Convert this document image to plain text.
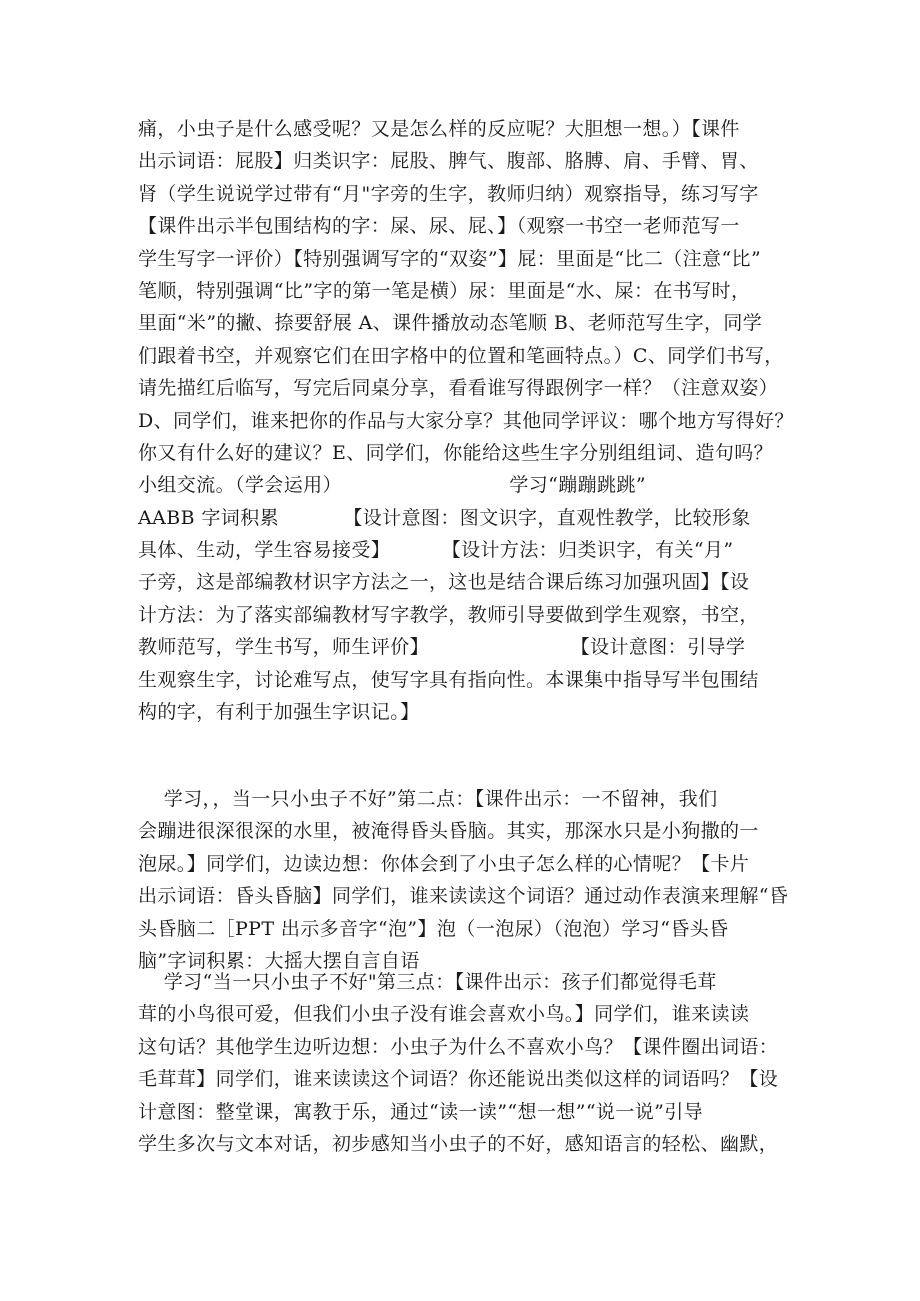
痛，小虫子是什么感受呢？又是怎么样的反应呢？大胆想一想。）【课件
出示词语：屁股】归类识字：屁股、脾气、腹部、胳膊、肩、手臂、胃、
肾（学生说说学过带有“月"字旁的生字，教师归纳）观察指导，练习写字
【课件出示半包围结构的字：屎、尿、屁、】（观察一书空一老师范写一
学生写字一评价）【特别强调写字的“双姿”】屁：里面是“比二（注意“比”
笔顺，特别强调“比”字的第一笔是横）尿：里面是“水、屎：在书写时，
里面“米”的撇、捺要舒展 A、课件播放动态笔顺 B、老师范写生字，同学
们跟着书空，并观察它们在田字格中的位置和笔画特点。）C、同学们书写，
请先描红后临写，写完后同桌分享，看看谁写得跟例字一样？（注意双姿）
D、同学们，谁来把你的作品与大家分享？其他同学评议：哪个地方写得好？
你又有什么好的建议？E、同学们，你能给这些生字分别组组词、造句吗？
小组交流。（学会运用）                          学习“蹦蹦跳跳”
AABB 字词积累          【设计意图：图文识字，直观性教学，比较形象
具体、生动，学生容易接受】        【设计方法：归类识字，有关“月”
子旁，这是部编教材识字方法之一，这也是结合课后练习加强巩固】【设
计方法：为了落实部编教材写字教学，教师引导要做到学生观察，书空，
教师范写，学生书写，师生评价】                      【设计意图：引导学
生观察生字，讨论难写点，使写字具有指向性。本课集中指导写半包围结
构的字，有利于加强生字识记。】
学习，，当一只小虫子不好”第二点：【课件出示：一不留神，我们
会蹦进很深很深的水里，被淹得昏头昏脑。其实，那深水只是小狗撒的一
泡尿。】同学们，边读边想：你体会到了小虫子怎么样的心情呢？【卡片
出示词语：昏头昏脑】同学们，谁来读读这个词语？通过动作表演来理解“昏
头昏脑二［PPT 出示多音字“泡”】泡（一泡尿）（泡泡）学习“昏头昏
脑”字词积累：大摇大摆自言自语
学习“当一只小虫子不好"第三点：【课件出示：孩子们都觉得毛茸
茸的小鸟很可爱，但我们小虫子没有谁会喜欢小鸟。】同学们，谁来读读
这句话？其他学生边听边想：小虫子为什么不喜欢小鸟？【课件圈出词语：
毛茸茸】同学们，谁来读读这个词语？你还能说出类似这样的词语吗？【设
计意图：整堂课，寓教于乐，通过“读一读”“想一想”“说一说”引导
学生多次与文本对话，初步感知当小虫子的不好，感知语言的轻松、幽默，
